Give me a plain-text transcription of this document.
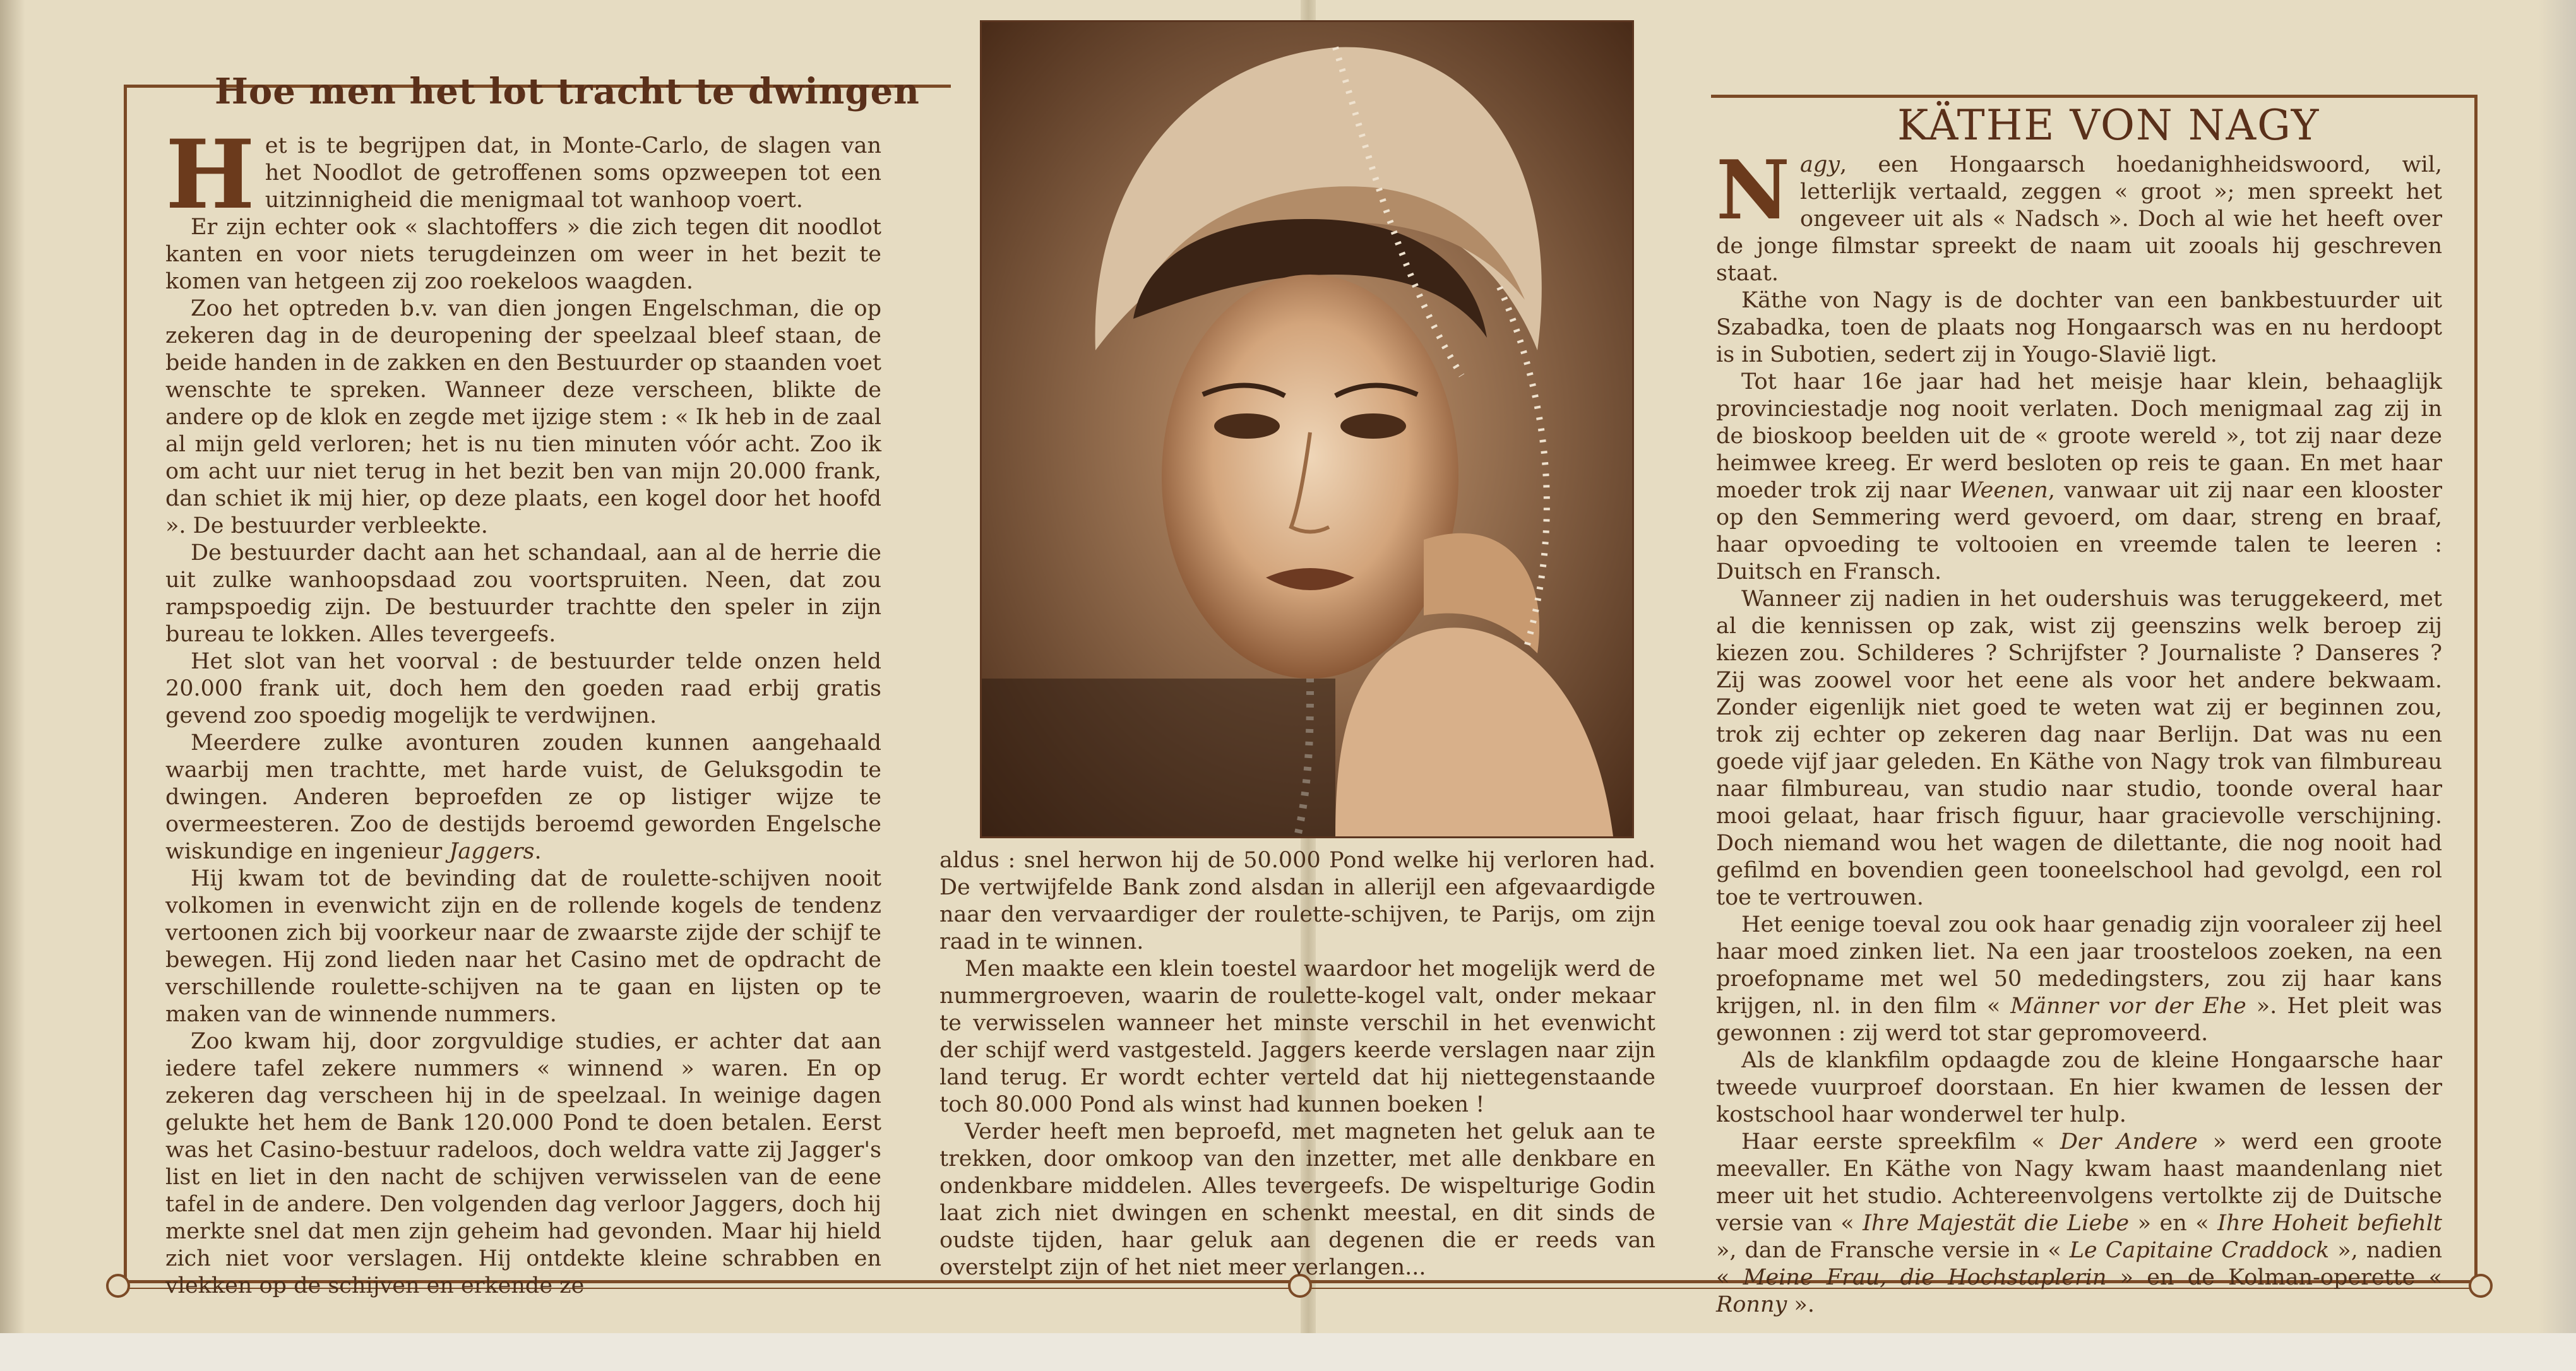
Hoe men het lot tracht te dwingen

Het is te begrijpen dat, in Monte-Carlo, de slagen van het Noodlot de getroffenen soms opzweepen tot een uitzinnigheid die menigmaal tot wanhoop voert.

Er zijn echter ook « slachtoffers » die zich tegen dit noodlot kanten en voor niets terugdeinzen om weer in het bezit te komen van hetgeen zij zoo roekeloos waagden.

Zoo het optreden b.v. van dien jongen Engelschman, die op zekeren dag in de deuropening der speelzaal bleef staan, de beide handen in de zakken en den Bestuurder op staanden voet wenschte te spreken. Wanneer deze verscheen, blikte de andere op de klok en zegde met ijzige stem : « Ik heb in de zaal al mijn geld verloren; het is nu tien minuten vóór acht. Zoo ik om acht uur niet terug in het bezit ben van mijn 20.000 frank, dan schiet ik mij hier, op deze plaats, een kogel door het hoofd ». De bestuurder verbleekte.

De bestuurder dacht aan het schandaal, aan al de herrie die uit zulke wanhoopsdaad zou voortspruiten. Neen, dat zou rampspoedig zijn. De bestuurder trachtte den speler in zijn bureau te lokken. Alles tevergeefs.

Het slot van het voorval : de bestuurder telde onzen held 20.000 frank uit, doch hem den goeden raad erbij gratis gevend zoo spoedig mogelijk te verdwijnen.

Meerdere zulke avonturen zouden kunnen aangehaald waarbij men trachtte, met harde vuist, de Geluksgodin te dwingen. Anderen beproefden ze op listiger wijze te overmeesteren. Zoo de destijds beroemd geworden Engelsche wiskundige en ingenieur Jaggers.

Hij kwam tot de bevinding dat de roulette-schijven nooit volkomen in evenwicht zijn en de rollende kogels de tendenz vertoonen zich bij voorkeur naar de zwaarste zijde der schijf te bewegen. Hij zond lieden naar het Casino met de opdracht de verschillende roulette-schijven na te gaan en lijsten op te maken van de winnende nummers.

Zoo kwam hij, door zorgvuldige studies, er achter dat aan iedere tafel zekere nummers « winnend » waren. En op zekeren dag verscheen hij in de speelzaal. In weinige dagen gelukte het hem de Bank 120.000 Pond te doen betalen. Eerst was het Casino-bestuur radeloos, doch weldra vatte zij Jagger's list en liet in den nacht de schijven verwisselen van de eene tafel in de andere. Den volgenden dag verloor Jaggers, doch hij merkte snel dat men zijn geheim had gevonden. Maar hij hield zich niet voor verslagen. Hij ontdekte kleine schrabben en vlekken op de schijven en erkende ze

aldus : snel herwon hij de 50.000 Pond welke hij verloren had. De vertwijfelde Bank zond alsdan in allerijl een afgevaardigde naar den vervaardiger der roulette-schijven, te Parijs, om zijn raad in te winnen.

Men maakte een klein toestel waardoor het mogelijk werd de nummergroeven, waarin de roulette-kogel valt, onder mekaar te verwisselen wanneer het minste verschil in het evenwicht der schijf werd vastgesteld. Jaggers keerde verslagen naar zijn land terug. Er wordt echter verteld dat hij niettegenstaande toch 80.000 Pond als winst had kunnen boeken !

Verder heeft men beproefd, met magneten het geluk aan te trekken, door omkoop van den inzetter, met alle denkbare en ondenkbare middelen. Alles tevergeefs. De wispelturige Godin laat zich niet dwingen en schenkt meestal, en dit sinds de oudste tijden, haar geluk aan degenen die er reeds van overstelpt zijn of het niet meer verlangen...

KÄTHE VON NAGY

Nagy, een Hongaarsch hoedanighheidswoord, wil, letterlijk vertaald, zeggen « groot »; men spreekt het ongeveer uit als « Nadsch ». Doch al wie het heeft over de jonge filmstar spreekt de naam uit zooals hij geschreven staat.

Käthe von Nagy is de dochter van een bankbestuurder uit Szabadka, toen de plaats nog Hongaarsch was en nu herdoopt is in Subotien, sedert zij in Yougo-Slavië ligt.

Tot haar 16e jaar had het meisje haar klein, behaaglijk provinciestadje nog nooit verlaten. Doch menigmaal zag zij in de bioskoop beelden uit de « groote wereld », tot zij naar deze heimwee kreeg. Er werd besloten op reis te gaan. En met haar moeder trok zij naar Weenen, vanwaar uit zij naar een klooster op den Semmering werd gevoerd, om daar, streng en braaf, haar opvoeding te voltooien en vreemde talen te leeren : Duitsch en Fransch.

Wanneer zij nadien in het oudershuis was teruggekeerd, met al die kennissen op zak, wist zij geenszins welk beroep zij kiezen zou. Schilderes ? Schrijfster ? Journaliste ? Danseres ? Zij was zoowel voor het eene als voor het andere bekwaam. Zonder eigenlijk niet goed te weten wat zij er beginnen zou, trok zij echter op zekeren dag naar Berlijn. Dat was nu een goede vijf jaar geleden. En Käthe von Nagy trok van filmbureau naar filmbureau, van studio naar studio, toonde overal haar mooi gelaat, haar frisch figuur, haar gracievolle verschijning. Doch niemand wou het wagen de dilettante, die nog nooit had gefilmd en bovendien geen tooneelschool had gevolgd, een rol toe te vertrouwen.

Het eenige toeval zou ook haar genadig zijn vooraleer zij heel haar moed zinken liet. Na een jaar troosteloos zoeken, na een proefopname met wel 50 mededingsters, zou zij haar kans krijgen, nl. in den film « Männer vor der Ehe ». Het pleit was gewonnen : zij werd tot star gepromoveerd.

Als de klankfilm opdaagde zou de kleine Hongaarsche haar tweede vuurproef doorstaan. En hier kwamen de lessen der kostschool haar wonderwel ter hulp.

Haar eerste spreekfilm « Der Andere » werd een groote meevaller. En Käthe von Nagy kwam haast maandenlang niet meer uit het studio. Achtereenvolgens vertolkte zij de Duitsche versie van « Ihre Majestät die Liebe » en « Ihre Hoheit befiehlt », dan de Fransche versie in « Le Capitaine Craddock », nadien « Meine Frau, die Hochstaplerin » en de Kolman-operette « Ronny ».
